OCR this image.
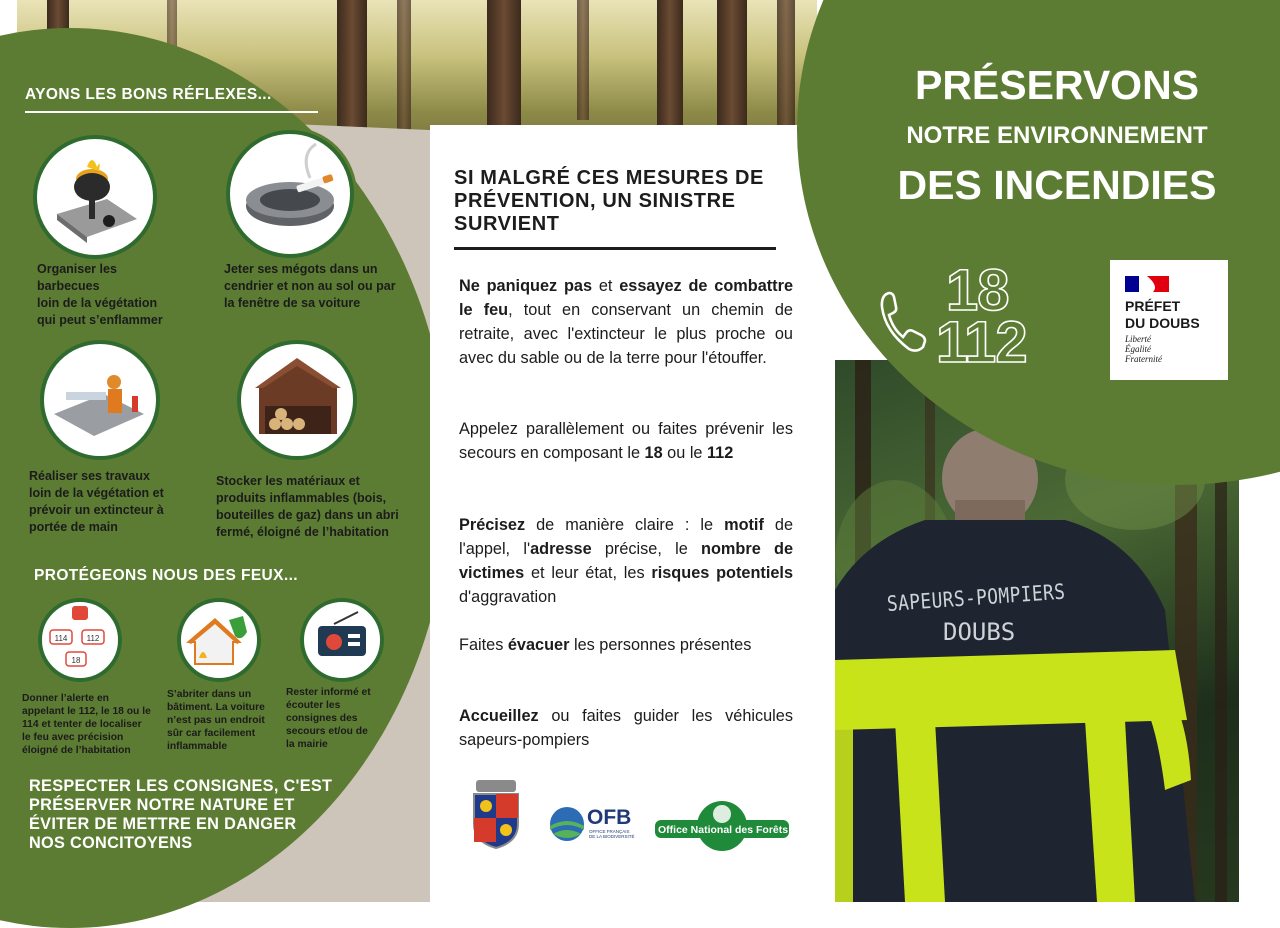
SAPEURS-POMPIERS
DOUBS
AYONS LES BONS RÉFLEXES...
Organiser les
barbecues
loin de la végétation
qui peut s’enflammer
Jeter ses mégots dans un
cendrier et non au sol ou par
la fenêtre de sa voiture
Réaliser ses travaux
loin de la végétation et
prévoir un extincteur à
portée de main
Stocker les matériaux et
produits inflammables (bois,
bouteilles de gaz) dans un abri
fermé, éloigné de l’habitation
PROTÉGEONS NOUS DES FEUX...
114 112
18
Donner l’alerte en
appelant le 112, le 18 ou le
114 et tenter de localiser
le feu avec précision
éloigné de l’habitation
S’abriter dans un
bâtiment. La voiture
n’est pas un endroit
sûr car facilement
inflammable
Rester informé et
écouter les
consignes des
secours et/ou de
la mairie
RESPECTER LES CONSIGNES, C'EST
PRÉSERVER NOTRE NATURE ET
ÉVITER DE METTRE EN DANGER
NOS CONCITOYENS
SI MALGRÉ CES MESURES DE
PRÉVENTION, UN SINISTRE
SURVIENT
Ne paniquez pas et essayez de combattre le feu, tout en conservant un chemin de retraite, avec l'extincteur le plus proche ou avec du sable ou de la terre pour l'étouffer.
Appelez parallèlement ou faites prévenir les secours en composant le 18 ou le 112
Précisez de manière claire : le motif de l'appel, l'adresse précise, le nombre de victimes et leur état, les risques potentiels d'aggravation
Faites évacuer les personnes présentes
Accueillez ou faites guider les véhicules sapeurs-pompiers
OFB
OFFICE FRANÇAIS
DE LA BIODIVERSITÉ
Office National des Forêts
PRÉSERVONS
NOTRE ENVIRONNEMENT
DES INCENDIES
18
112
PRÉFET
DU DOUBS
Liberté
Égalité
Fraternité
